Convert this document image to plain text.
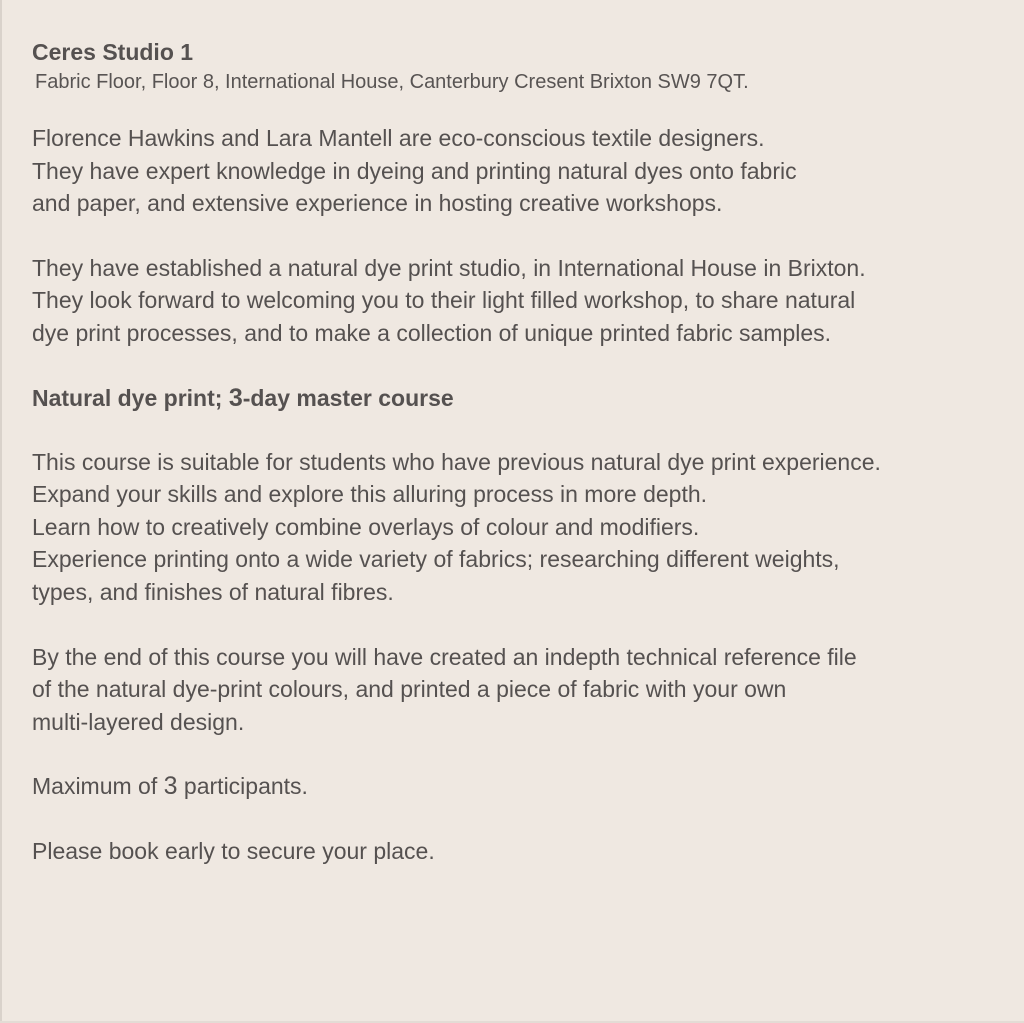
Ceres Studio 1
Fabric Floor, Floor 8, International House, Canterbury Cresent Brixton SW9 7QT.
Florence Hawkins and Lara Mantell are eco-conscious textile designers.
They have expert knowledge in dyeing and printing natural dyes onto fabric
and paper, and extensive experience in hosting creative workshops.
They have established a natural dye print studio, in International House in Brixton.
They look forward to welcoming you to their light filled workshop, to share natural
dye print processes, and to make a collection of unique printed fabric samples.
Natural dye print; 3-day master course
This course is suitable for students who have previous natural dye print experience.
Expand your skills and explore this alluring process in more depth.
Learn how to creatively combine overlays of colour and modifiers.
Experience printing onto a wide variety of fabrics; researching different weights,
types, and finishes of natural fibres.
By the end of this course you will have created an indepth technical reference file
of the natural dye-print colours, and printed a piece of fabric with your own
multi-layered design.
Maximum of 3 participants.
Please book early to secure your place.
